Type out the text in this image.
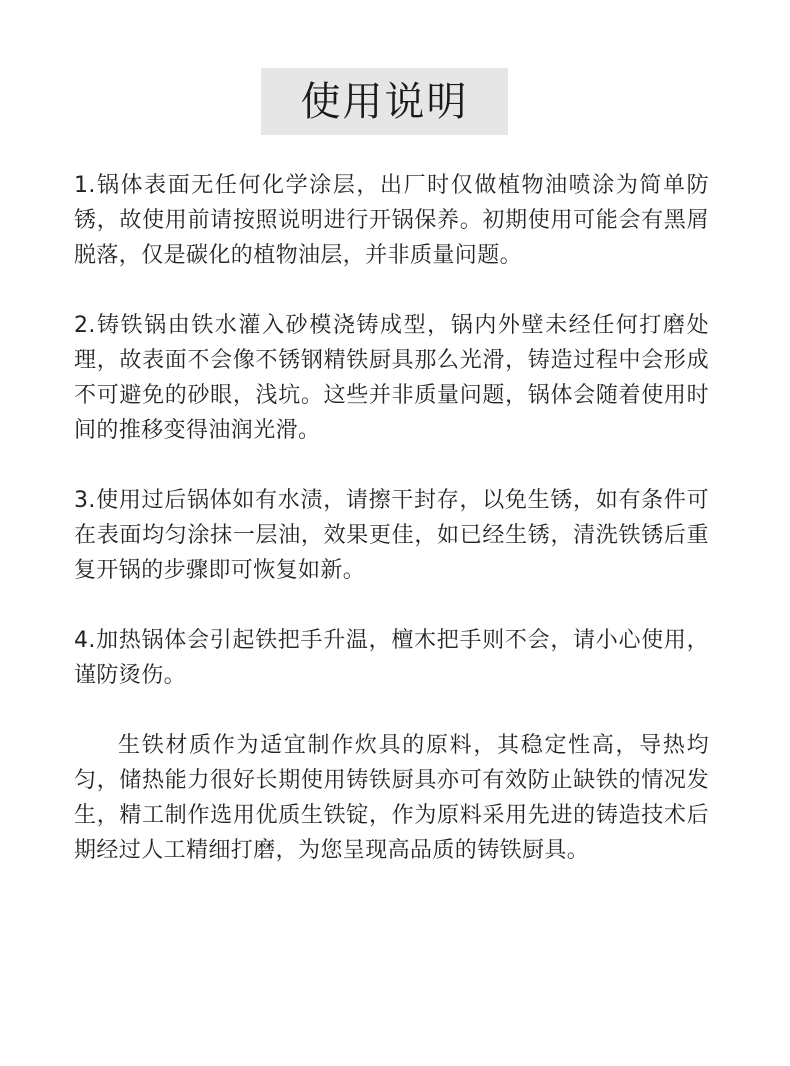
使用说明

1.锅体表面无任何化学涂层，出厂时仅做植物油喷涂为简单防锈，故使用前请按照说明进行开锅保养。初期使用可能会有黑屑脱落，仅是碳化的植物油层，并非质量问题。

2.铸铁锅由铁水灌入砂模浇铸成型，锅内外壁未经任何打磨处理，故表面不会像不锈钢精铁厨具那么光滑，铸造过程中会形成不可避免的砂眼，浅坑。这些并非质量问题，锅体会随着使用时间的推移变得油润光滑。

3.使用过后锅体如有水渍，请擦干封存，以免生锈，如有条件可在表面均匀涂抹一层油，效果更佳，如已经生锈，清洗铁锈后重复开锅的步骤即可恢复如新。

4.加热锅体会引起铁把手升温，檀木把手则不会，请小心使用，谨防烫伤。

生铁材质作为适宜制作炊具的原料，其稳定性高，导热均匀，储热能力很好长期使用铸铁厨具亦可有效防止缺铁的情况发生，精工制作选用优质生铁锭，作为原料采用先进的铸造技术后期经过人工精细打磨，为您呈现高品质的铸铁厨具。
